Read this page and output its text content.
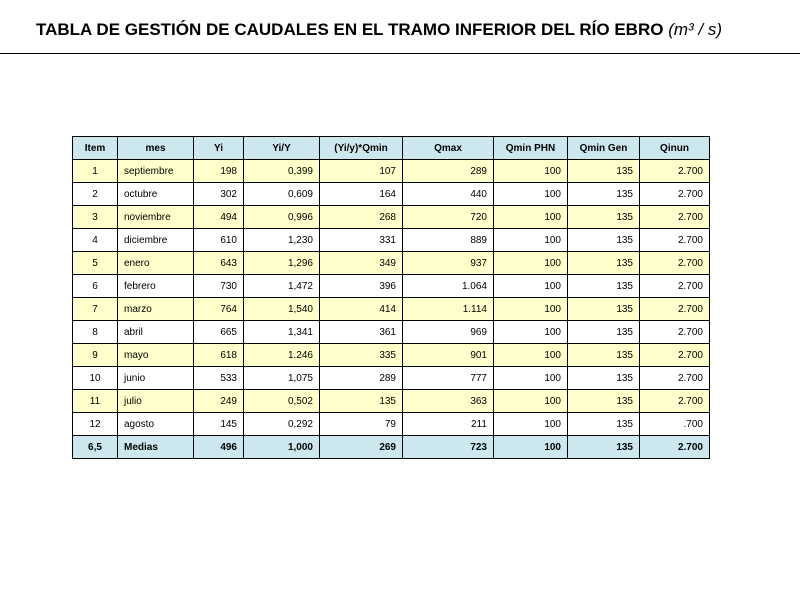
TABLA DE GESTIÓN DE CAUDALES EN EL TRAMO INFERIOR DEL RÍO EBRO (m³ / s)
Item	mes	Yi	Yi/Y	(Yi/y)*Qmin	Qmax	Qmin PHN	Qmin Gen	Qinun
1	septiembre	198	0,399	107	289	100	135	2.700
2	octubre	302	0,609	164	440	100	135	2.700
3	noviembre	494	0,996	268	720	100	135	2.700
4	diciembre	610	1,230	331	889	100	135	2.700
5	enero	643	1,296	349	937	100	135	2.700
6	febrero	730	1,472	396	1.064	100	135	2.700
7	marzo	764	1,540	414	1.114	100	135	2.700
8	abril	665	1,341	361	969	100	135	2.700
9	mayo	618	1.246	335	901	100	135	2.700
10	junio	533	1,075	289	777	100	135	2.700
11	julio	249	0,502	135	363	100	135	2.700
12	agosto	145	0,292	79	211	100	135	.700
6,5	Medias	496	1,000	269	723	100	135	2.700
